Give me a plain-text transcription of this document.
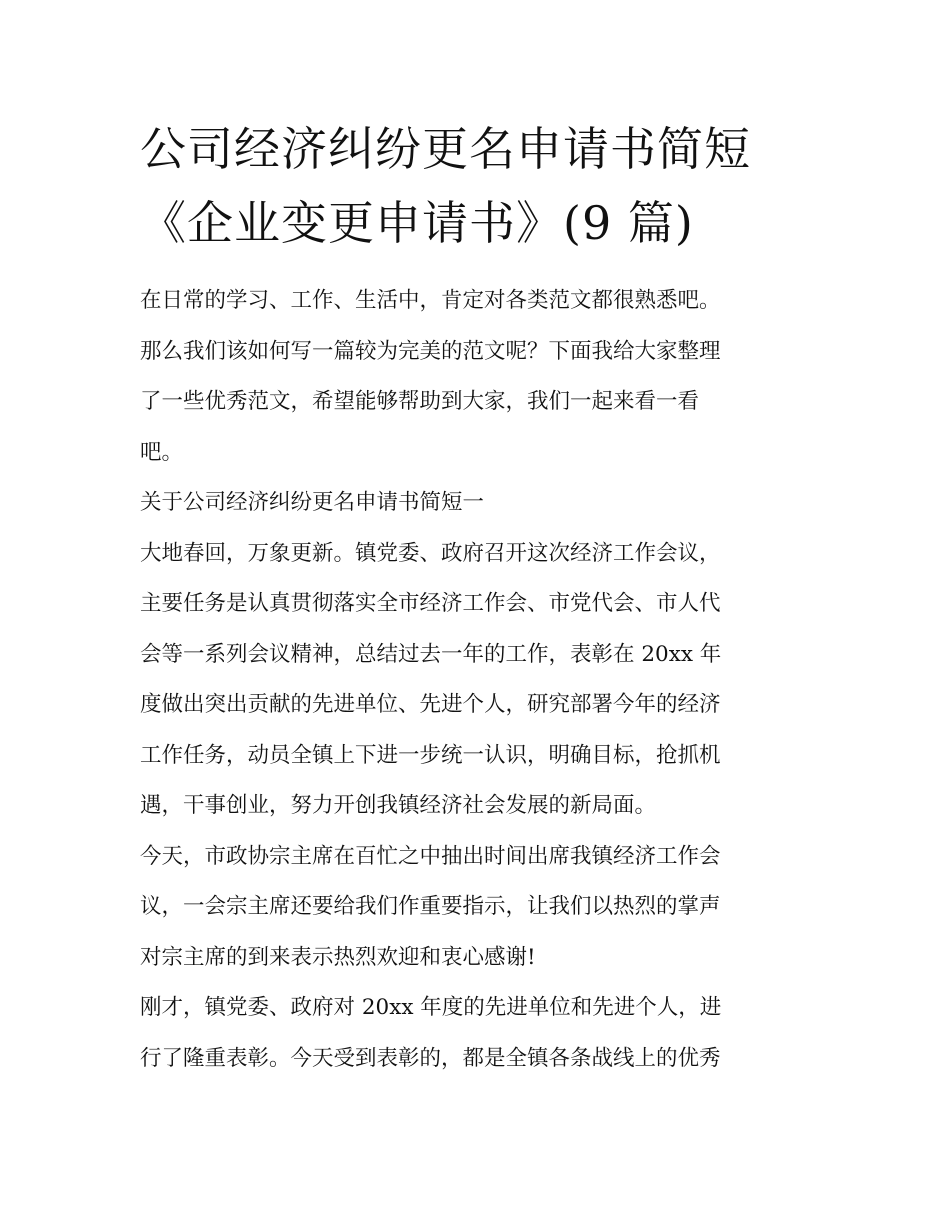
公司经济纠纷更名申请书简短
《企业变更申请书》(9 篇)
在日常的学习、工作、生活中，肯定对各类范文都很熟悉吧。
那么我们该如何写一篇较为完美的范文呢？下面我给大家整理
了一些优秀范文，希望能够帮助到大家，我们一起来看一看
吧。
关于公司经济纠纷更名申请书简短一
大地春回，万象更新。镇党委、政府召开这次经济工作会议，
主要任务是认真贯彻落实全市经济工作会、市党代会、市人代
会等一系列会议精神，总结过去一年的工作，表彰在 20xx 年
度做出突出贡献的先进单位、先进个人，研究部署今年的经济
工作任务，动员全镇上下进一步统一认识，明确目标，抢抓机
遇，干事创业，努力开创我镇经济社会发展的新局面。
今天，市政协宗主席在百忙之中抽出时间出席我镇经济工作会
议，一会宗主席还要给我们作重要指示，让我们以热烈的掌声
对宗主席的到来表示热烈欢迎和衷心感谢!
刚才，镇党委、政府对 20xx 年度的先进单位和先进个人，进
行了隆重表彰。今天受到表彰的，都是全镇各条战线上的优秀
